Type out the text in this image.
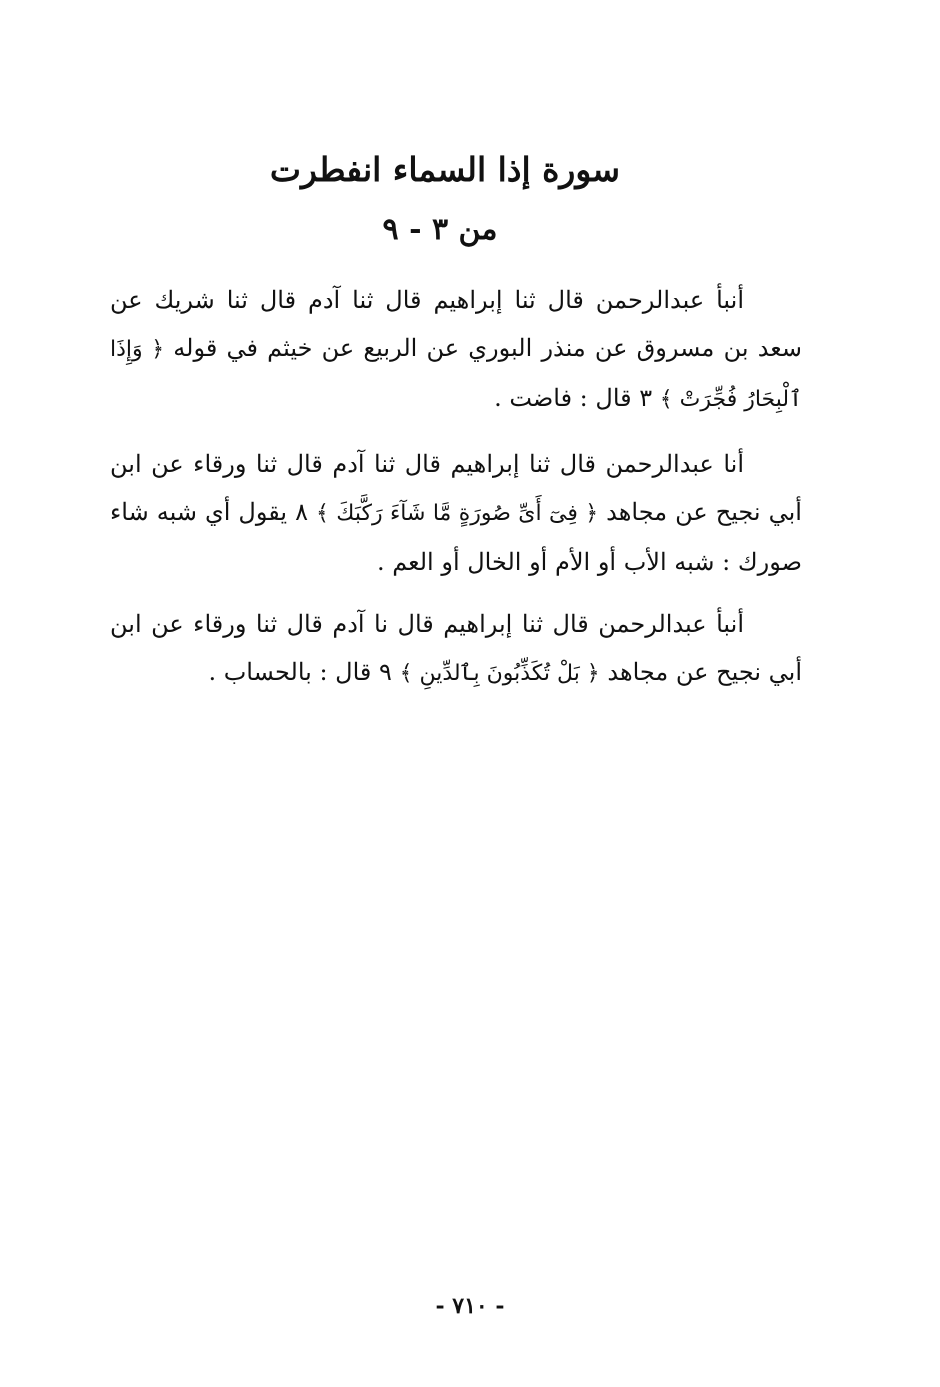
سورة إذا السماء انفطرت
من ٣ - ٩

أنبأ عبدالرحمن قال ثنا إبراهيم قال ثنا آدم قال ثنا شريك عن سعد بن مسروق عن منذر البوري عن الربيع عن خيثم في قوله ﴿ وَإِذَا ٱلْبِحَارُ فُجِّرَتْ ﴾ ٣ قال : فاضت .

أنا عبدالرحمن قال ثنا إبراهيم قال ثنا آدم قال ثنا ورقاء عن ابن أبي نجيح عن مجاهد ﴿ فِىٓ أَىِّ صُورَةٍ مَّا شَآءَ رَكَّبَكَ ﴾ ٨ يقول أي شبه شاء صورك : شبه الأب أو الأم أو الخال أو العم .

أنبأ عبدالرحمن قال ثنا إبراهيم قال نا آدم قال ثنا ورقاء عن ابن أبي نجيح عن مجاهد ﴿ بَلْ تُكَذِّبُونَ بِٱلدِّينِ ﴾ ٩ قال : بالحساب .

- ٧١٠ -
